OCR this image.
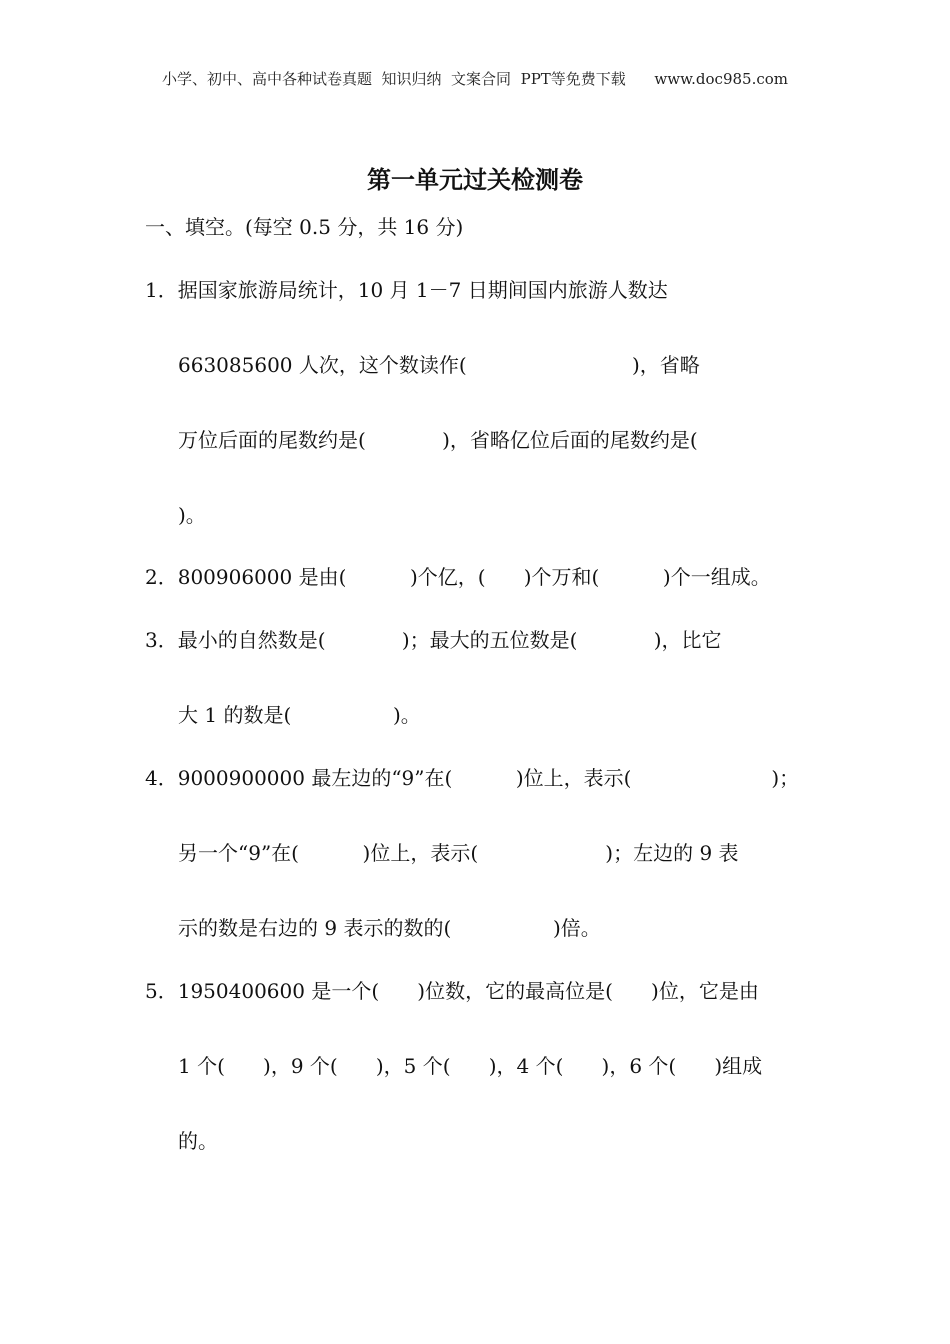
小学、初中、高中各种试卷真题  知识归纳  文案合同  PPT等免费下载 www.doc985.com
第一单元过关检测卷
一、填空。(每空 0.5 分，共 16 分)
1．据国家旅游局统计，10 月 1－7 日期间国内旅游人数达
663085600 人次，这个数读作(                          )，省略
万位后面的尾数约是(            )，省略亿位后面的尾数约是(
)。
2．800906000 是由(          )个亿，(      )个万和(          )个一组成。
3．最小的自然数是(            )；最大的五位数是(            )，比它
大 1 的数是(                )。
4．9000900000 最左边的“9”在(          )位上，表示(                      )；
另一个“9”在(          )位上，表示(                    )；左边的 9 表
示的数是右边的 9 表示的数的(                )倍。
5．1950400600 是一个(      )位数，它的最高位是(      )位，它是由
1 个(      )，9 个(      )，5 个(      )，4 个(      )，6 个(      )组成
的。
